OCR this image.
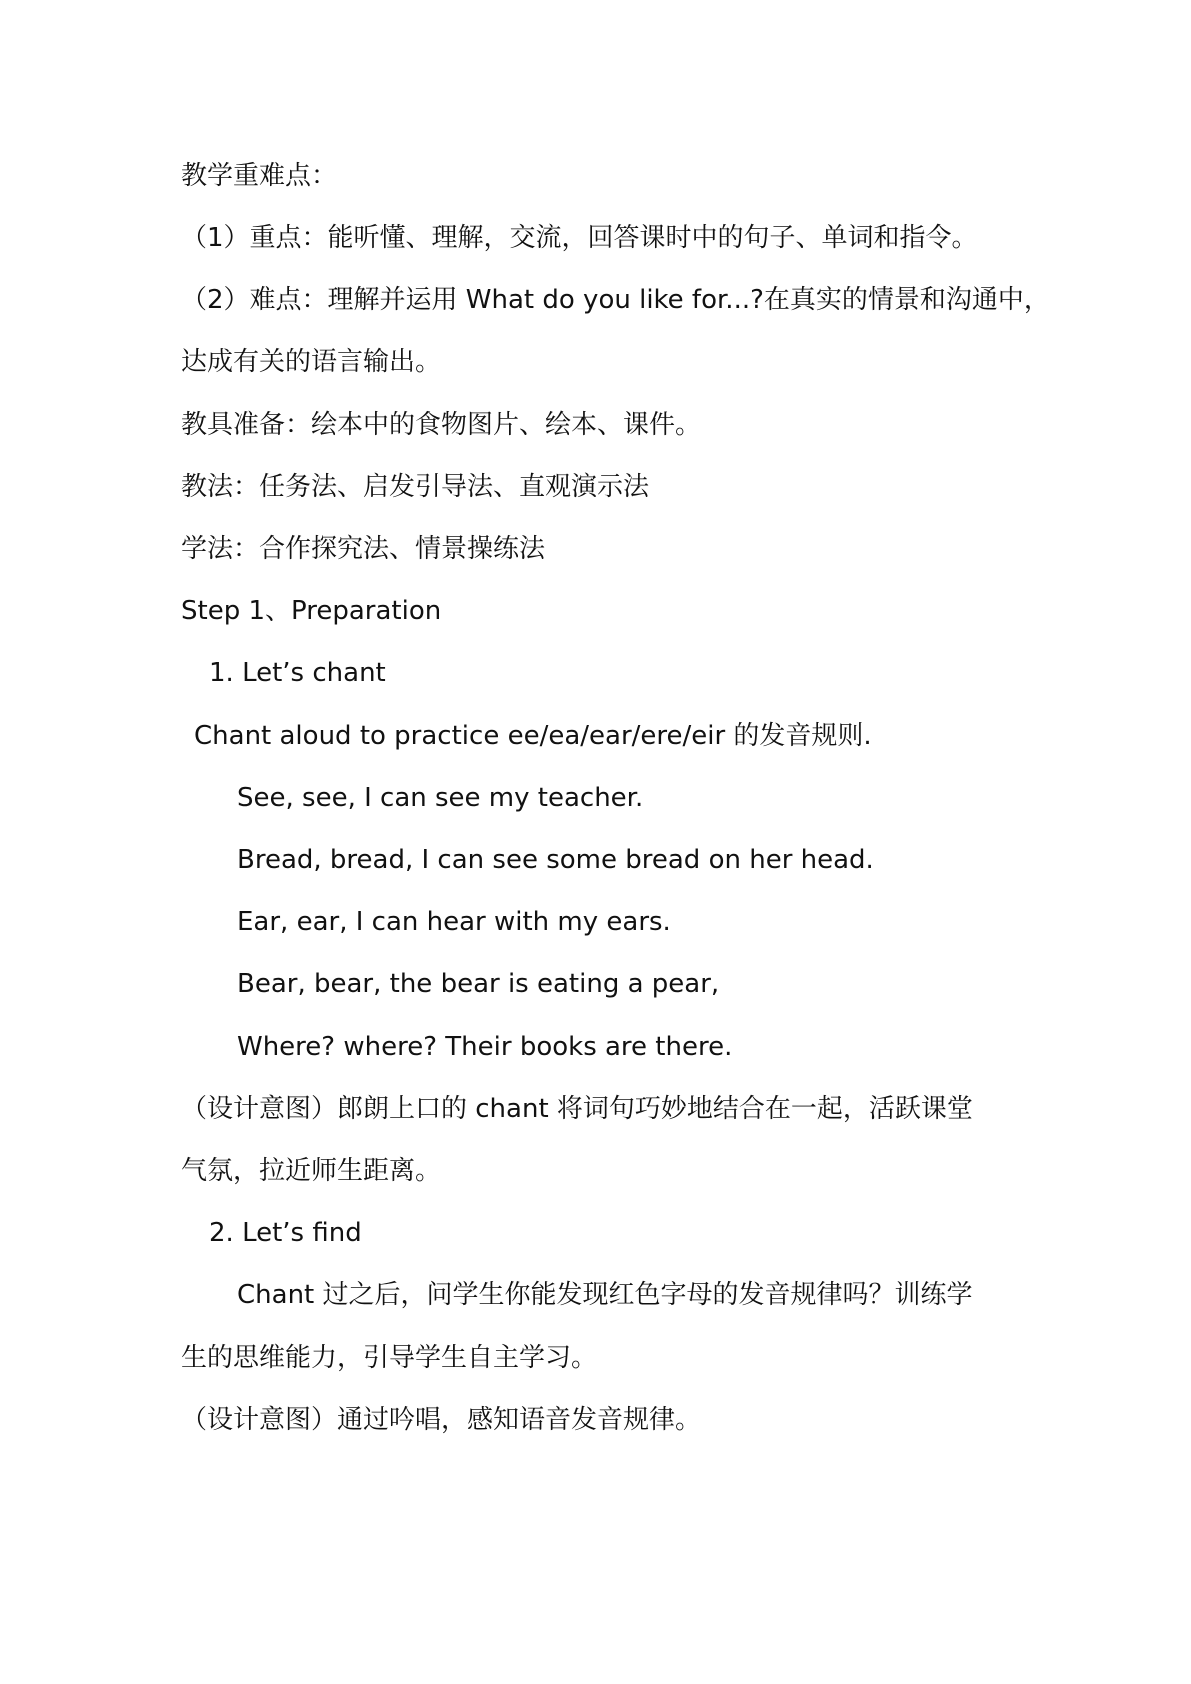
教学重难点：
（1）重点：能听懂、理解，交流，回答课时中的句子、单词和指令。
（2）难点：理解并运用 What do you like for...?在真实的情景和沟通中，
达成有关的语言输出。
教具准备：绘本中的食物图片、绘本、课件。
教法：任务法、启发引导法、直观演示法
学法：合作探究法、情景操练法
Step 1、Preparation
1. Let’s chant
Chant aloud to practice ee/ea/ear/ere/eir 的发音规则.
See, see, I can see my teacher.
Bread, bread, I can see some bread on her head.
Ear, ear, I can hear with my ears.
Bear, bear, the bear is eating a pear,
Where? where? Their books are there.
（设计意图）郎朗上口的 chant 将词句巧妙地结合在一起，活跃课堂
气氛，拉近师生距离。
2. Let’s find
Chant 过之后，问学生你能发现红色字母的发音规律吗？训练学
生的思维能力，引导学生自主学习。
（设计意图）通过吟唱，感知语音发音规律。
